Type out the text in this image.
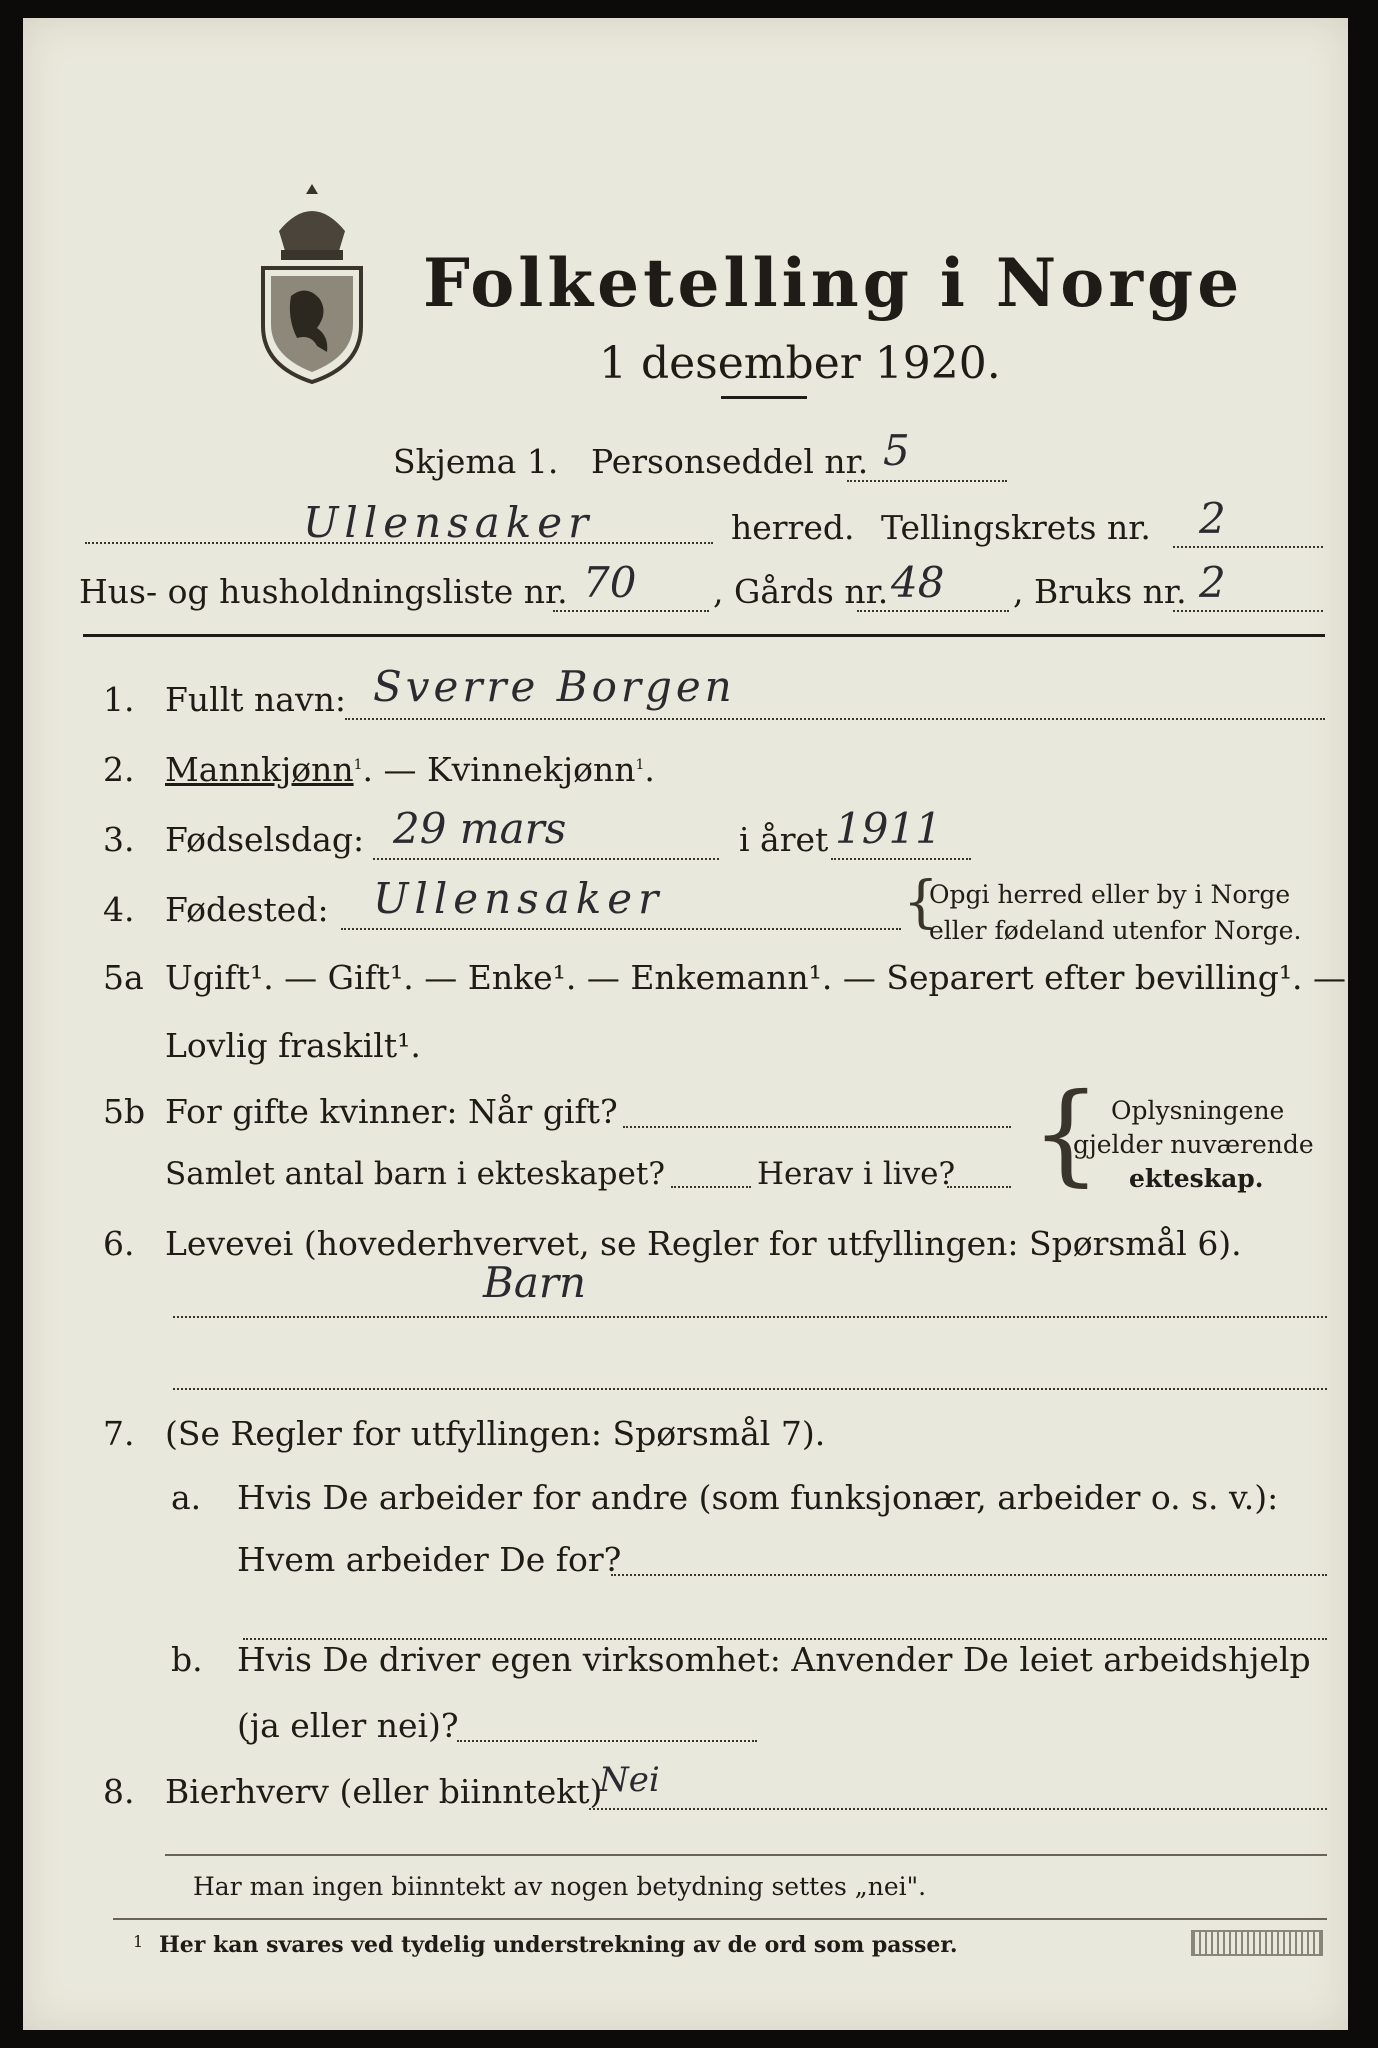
Folketelling i Norge
1 desember 1920.
Skjema 1. Personseddel nr. 5
Ullensaker	herred. Tellingskrets nr. 2
Hus- og husholdningsliste nr. 70 , Gårds nr. 48 , Bruks nr. 2
1. Fullt navn: Sverre Borgen
2. Mannkjønn$^1$. — Kvinnekjønn$^1$.
3. Fødselsdag: 29 mars	i året 1911
4. Fødested: Ullensaker	{
Opgi herred eller by i Norge
eller fødeland utenfor Norge.
5a Ugift¹. — Gift¹. — Enke¹. — Enkemann¹. — Separert efter bevilling¹. —
Lovlig fraskilt¹.
5b For gifte kvinner: Når gift?
Samlet antal barn i ekteskapet?	Herav i live? { Oplysningene
gjelder nuværende
ekteskap.
6. Levevei (hovederhvervet, se Regler for utfyllingen: Spørsmål 6).
Barn
7. (Se Regler for utfyllingen: Spørsmål 7).
a. Hvis De arbeider for andre (som funksjonær, arbeider o. s. v.):
Hvem arbeider De for?
b. Hvis De driver egen virksomhet: Anvender De leiet arbeidshjelp
(ja eller nei)?
8. Bierhverv (eller biinntekt)
Nei
Har man ingen biinntekt av nogen betydning settes „nei".
1 Her kan svares ved tydelig understrekning av de ord som passer.
